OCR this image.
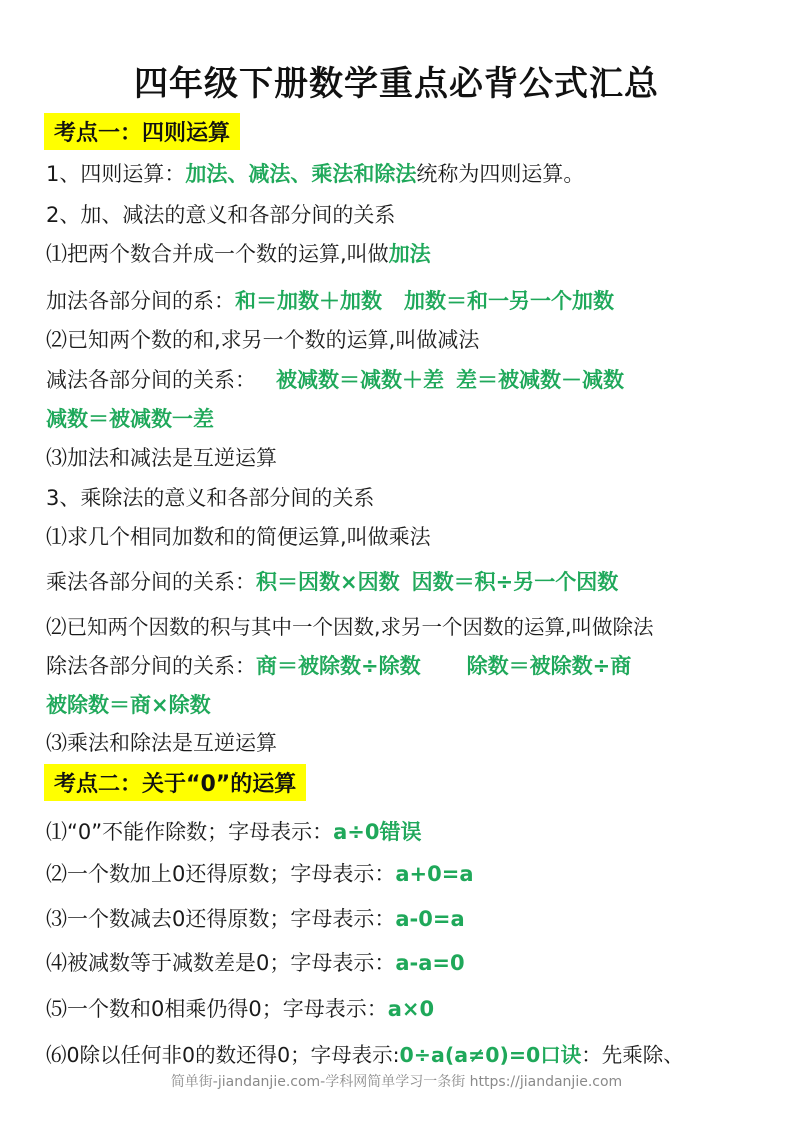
四年级下册数学重点必背公式汇总
考点一：四则运算
1、四则运算：加法、减法、乘法和除法统称为四则运算。
2、加、减法的意义和各部分间的关系
⑴把两个数合并成一个数的运算,叫做加法
加法各部分间的系：和＝加数＋加数 加数＝和一另一个加数
⑵已知两个数的和,求另一个数的运算,叫做减法
减法各部分间的关系： 被减数＝减数＋差 差＝被减数－减数
减数＝被减数一差
⑶加法和减法是互逆运算
3、乘除法的意义和各部分间的关系
⑴求几个相同加数和的简便运算,叫做乘法
乘法各部分间的关系：积＝因数×因数 因数＝积÷另一个因数
⑵已知两个因数的积与其中一个因数,求另一个因数的运算,叫做除法
除法各部分间的关系：商＝被除数÷除数 除数＝被除数÷商
被除数＝商×除数
⑶乘法和除法是互逆运算
考点二：关于“0”的运算
⑴“0”不能作除数；字母表示：a÷0错误
⑵一个数加上0还得原数；字母表示：a+0=a
⑶一个数减去0还得原数；字母表示：a-0=a
⑷被减数等于减数差是0；字母表示：a-a=0
⑸一个数和0相乘仍得0；字母表示：a×0
⑹0除以任何非0的数还得0；字母表示:0÷a(a≠0)=0口诀：先乘除、
简单街-jiandanjie.com-学科网简单学习一条街 https://jiandanjie.com
